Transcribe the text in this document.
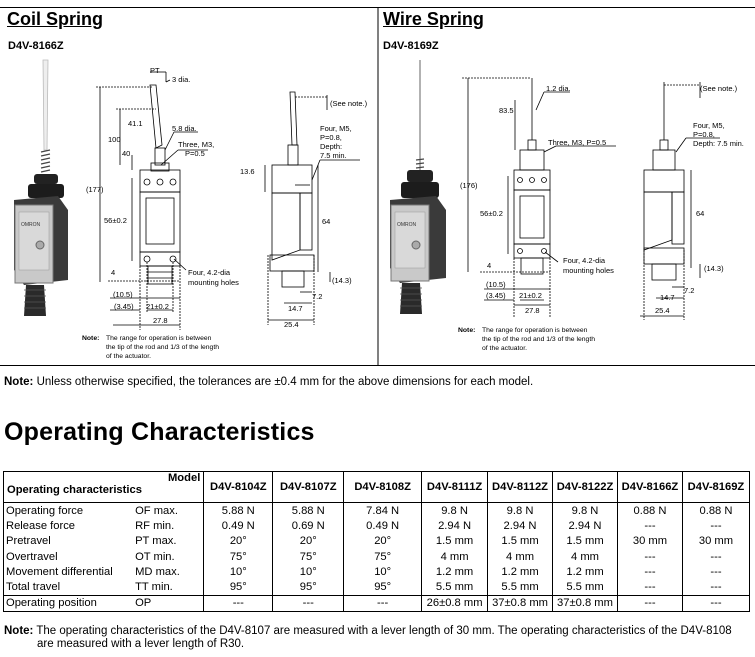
Coil Spring
D4V-8166Z
Wire Spring
D4V-8169Z
OMRON
PT
3 dia.
41.1
5.8 dia.
100
40
Three, M3,
P=0.5
(177)
56±0.2
4	Four, 4.2-dia
mounting holes
(10.5)
(3.45) 21±0.2
27.8
(See note.)
Four, M5,
P=0.8,
Depth:
7.5 min.
13.6
64
(14.3)
7.2
14.7
25.4
Note: The range for operation is between
the tip of the rod and 1/3 of the length
of the actuator.
OMRON
1.2 dia.
83.5
Three, M3, P=0.5
(176)
56±0.2
4
Four, 4.2-dia
mounting holes
(10.5)
(3.45) 21±0.2
27.8
(See note.)
Four, M5,
P=0.8,
Depth: 7.5 min.
64
(14.3)
7.2
14.7
25.4
Note: The range for operation is between
the tip of the rod and 1/3 of the length
of the actuator.
Note: Unless otherwise specified, the tolerances are ±0.4 mm for the above dimensions for each model.
Operating Characteristics
Model
Operating characteristics		D4V-8104Z	D4V-8107Z	D4V-8108Z	D4V-8111Z	D4V-8112Z	D4V-8122Z	D4V-8166Z	D4V-8169Z
Operating force	OF max.	5.88 N	5.88 N	7.84 N	9.8 N	9.8 N	9.8 N	0.88 N	0.88 N
Release force	RF min.	0.49 N	0.69 N	0.49 N	2.94 N	2.94 N	2.94 N	---	---
Pretravel	PT max.	20°	20°	20°	1.5 mm	1.5 mm	1.5 mm	30 mm	30 mm
Overtravel	OT min.	75°	75°	75°	4 mm	4 mm	4 mm	---	---
Movement differential	MD max.	10°	10°	10°	1.2 mm	1.2 mm	1.2 mm	---	---
Total travel	TT min.	95°	95°	95°	5.5 mm	5.5 mm	5.5 mm	---	---
Operating position	OP	---	---	---	26±0.8 mm	37±0.8 mm	37±0.8 mm	---	---
Note: The operating characteristics of the D4V-8107 are measured with a lever length of 30 mm. The operating characteristics of the D4V-8108
are measured with a lever length of R30.
